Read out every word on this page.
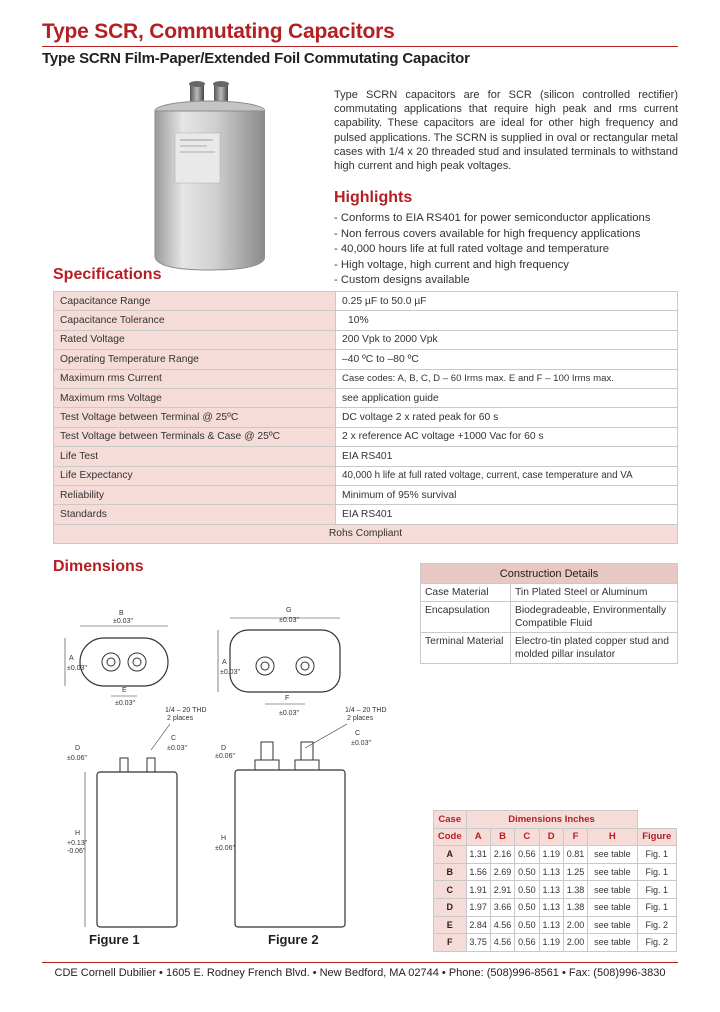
Type SCR, Commutating Capacitors
Type SCRN Film-Paper/Extended Foil Commutating Capacitor
Type SCRN capacitors are for SCR (silicon controlled rectifier) commutating applications that require high peak and rms current capability. These capacitors are ideal for other high frequency and pulsed applications. The SCRN is supplied in oval or rectangular metal cases with 1/4 x 20 threaded stud and insulated terminals to withstand high current and high peak voltages.
Highlights
- Conforms to EIA RS401 for power semiconductor applications
- Non ferrous covers available for high frequency applications
- 40,000 hours life at full rated voltage and temperature
- High voltage, high current and high frequency
- Custom designs available
Specifications
Capacitance Range	0.25 µF to 50.0 µF
Capacitance Tolerance	10%
Rated Voltage	200 Vpk to 2000 Vpk
Operating Temperature Range	–40 ºC to –80 ºC
Maximum rms Current	Case codes: A, B, C, D – 60 Irms max. E and F – 100 Irms max.
Maximum rms Voltage	see application guide
Test Voltage between Terminal @ 25ºC	DC voltage 2 x rated peak for 60 s
Test Voltage between Terminals & Case @ 25ºC	2 x reference AC voltage +1000 Vac for 60 s
Life Test	EIA RS401
Life Expectancy	40,000 h life at full rated voltage, current, case temperature and VA
Reliability	Minimum of 95% survival
Standards	EIA RS401
Rohs Compliant	
Dimensions
B
±0.03"
A
±0.03"
E
±0.03"
G
±0.03"
A
±0.03"
F
±0.03"
1/4 – 20 THD
2 places
1/4 – 20 THD
2 places
D
±0.06"
C
±0.03"
H
+0.13"
-0.06"
D
±0.06"
C
±0.03"
H
±0.06"
Figure 1	Figure 2
Construction Details	
Case Material	Tin Plated Steel or Aluminum
Encapsulation	Biodegradeable, Environmentally Compatible Fluid
Terminal Material	Electro-tin plated copper stud and molded pillar insulator
Case	Dimensions Inches						
Code	A	B	C	D	F	H	Figure
A	1.31	2.16	0.56	1.19	0.81	see table	Fig. 1
B	1.56	2.69	0.50	1.13	1.25	see table	Fig. 1
C	1.91	2.91	0.50	1.13	1.38	see table	Fig. 1
D	1.97	3.66	0.50	1.13	1.38	see table	Fig. 1
E	2.84	4.56	0.50	1.13	2.00	see table	Fig. 2
F	3.75	4.56	0.56	1.19	2.00	see table	Fig. 2
CDE Cornell Dubilier • 1605 E. Rodney French Blvd. • New Bedford, MA 02744 • Phone: (508)996-8561 • Fax: (508)996-3830
